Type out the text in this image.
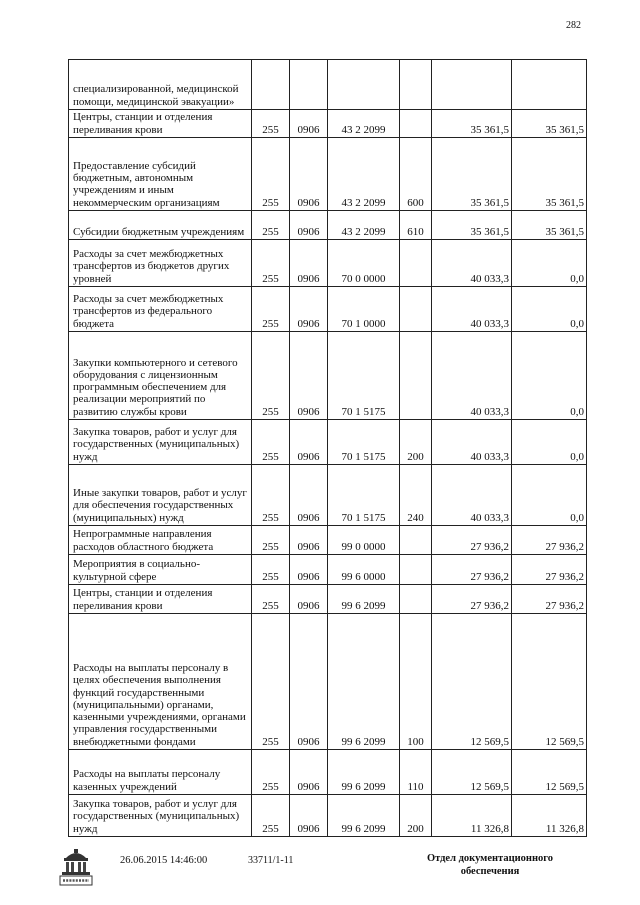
282
специализированной, медицинской помощи, медицинской эвакуации»						
Центры, станции и отделения переливания крови	255	0906	43 2 2099		35 361,5	35 361,5
Предоставление субсидий бюджетным, автономным учреждениям и иным некоммерческим организациям	255	0906	43 2 2099	600	35 361,5	35 361,5
Субсидии бюджетным учреждениям	255	0906	43 2 2099	610	35 361,5	35 361,5
Расходы за счет межбюджетных трансфертов из бюджетов других уровней	255	0906	70 0 0000		40 033,3	0,0
Расходы за счет межбюджетных трансфертов из федерального бюджета	255	0906	70 1 0000		40 033,3	0,0
Закупки компьютерного и сетевого оборудования с лицензионным программным обеспечением для реализации мероприятий по развитию службы крови	255	0906	70 1 5175		40 033,3	0,0
Закупка товаров, работ и услуг для государственных (муниципальных) нужд	255	0906	70 1 5175	200	40 033,3	0,0
Иные закупки товаров, работ и услуг для обеспечения государственных (муниципальных) нужд	255	0906	70 1 5175	240	40 033,3	0,0
Непрограммные направления расходов областного бюджета	255	0906	99 0 0000		27 936,2	27 936,2
Мероприятия в социально-культурной сфере	255	0906	99 6 0000		27 936,2	27 936,2
Центры, станции и отделения переливания крови	255	0906	99 6 2099		27 936,2	27 936,2
Расходы на выплаты персоналу в целях обеспечения выполнения функций государственными (муниципальными) органами, казенными учреждениями, органами управления государственными внебюджетными фондами	255	0906	99 6 2099	100	12 569,5	12 569,5
Расходы на выплаты персоналу казенных учреждений	255	0906	99 6 2099	110	12 569,5	12 569,5
Закупка товаров, работ и услуг для государственных (муниципальных) нужд	255	0906	99 6 2099	200	11 326,8	11 326,8
26.06.2015 14:46:00	33711/1-11	Отдел документационного обеспечения
